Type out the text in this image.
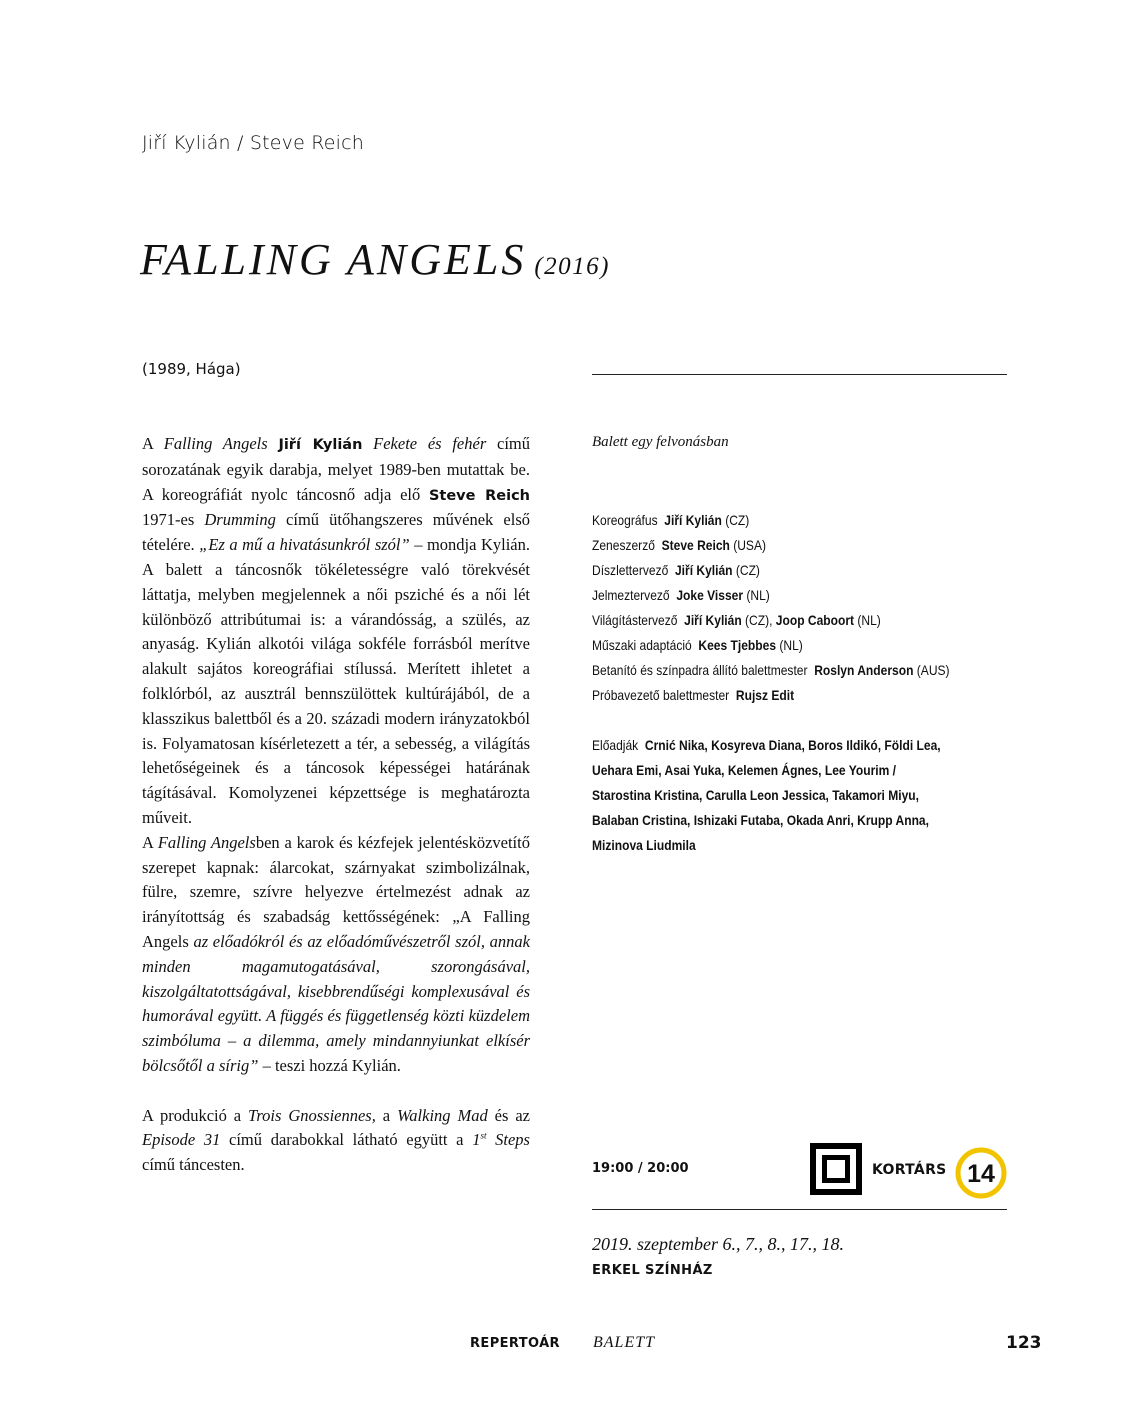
Jiří Kylián / Steve Reich
FALLING ANGELS (2016)
(1989, Hága)

A Falling Angels Jiří Kylián Fekete és fehér című sorozatának egyik darabja, melyet 1989-ben mutattak be. A koreográfiát nyolc táncosnő adja elő Steve Reich 1971-es Drumming című ütőhangszeres művének első tételére. „Ez a mű a hivatásunkról szól” – mondja Kylián. A balett a táncosnők tökéletességre való törekvését láttatja, melyben megjelennek a női psziché és a női lét különböző attribútumai is: a várandósság, a szülés, az anyaság. Kylián alkotói világa sokféle forrásból merítve alakult sajátos koreográfiai stílussá. Merített ihletet a folklórból, az ausztrál bennszülöttek kultúrájából, de a klasszikus balettből és a 20. századi modern irányzatokból is. Folyamatosan kísérletezett a tér, a sebesség, a világítás lehetőségeinek és a táncosok képességei határának tágításával. Komolyzenei képzettsége is meghatározta műveit.

A Falling Angelsben a karok és kézfejek jelentésközvetítő szerepet kapnak: álarcokat, szárnyakat szimbolizálnak, fülre, szemre, szívre helyezve értelmezést adnak az irányítottság és szabadság kettősségének: „A Falling Angels az előadókról és az előadóművészetről szól, annak minden magamutogatásával, szorongásával, kiszolgáltatottságával, kisebbrendűségi komplexusával és humorával együtt. A függés és függetlenség közti küzdelem szimbóluma – a dilemma, amely mindannyiunkat elkísér bölcsőtől a sírig” – teszi hozzá Kylián.

A produkció a Trois Gnossiennes, a Walking Mad és az Episode 31 című darabokkal látható együtt a 1st Steps című táncesten.

Balett egy felvonásban
Koreográfus Jiří Kylián (CZ)
Zeneszerző Steve Reich (USA)
Díszlettervező Jiří Kylián (CZ)
Jelmeztervező Joke Visser (NL)
Világítástervező Jiří Kylián (CZ), Joop Caboort (NL)
Műszaki adaptáció Kees Tjebbes (NL)
Betanító és színpadra állító balettmester Roslyn Anderson (AUS)
Próbavezető balettmester Rujsz Edit
Előadják Crnić Nika, Kosyreva Diana, Boros Ildikó, Földi Lea,
Uehara Emi, Asai Yuka, Kelemen Ágnes, Lee Yourim /
Starostina Kristina, Carulla Leon Jessica, Takamori Miyu,
Balaban Cristina, Ishizaki Futaba, Okada Anri, Krupp Anna,
Mizinova Liudmila
19:00 / 20:00	KORTÁRS 14
2019. szeptember 6., 7., 8., 17., 18.
ERKEL SZÍNHÁZ
REPERTOÁR BALETT	123
